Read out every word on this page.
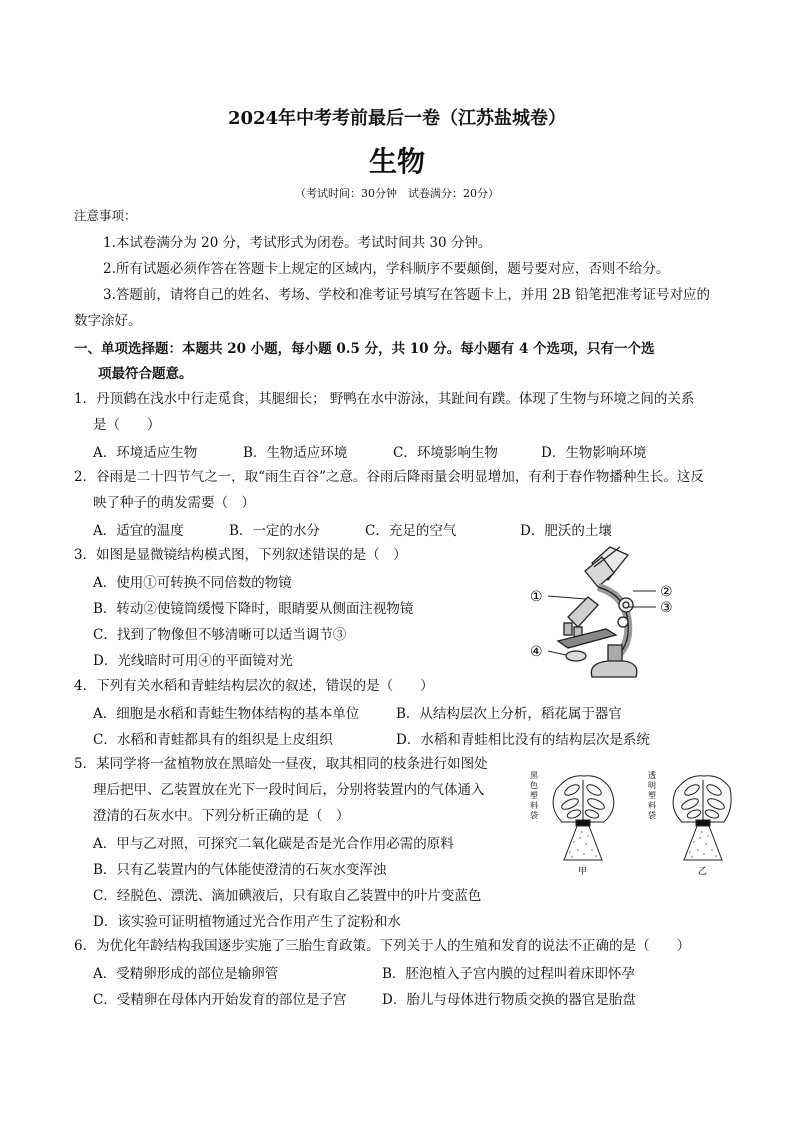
2024年中考考前最后一卷（江苏盐城卷）
生物
（考试时间：30分钟　试卷满分：20分）
注意事项：
1.本试卷满分为 20 分，考试形式为闭卷。考试时间共 30 分钟。
2.所有试题必须作答在答题卡上规定的区域内，学科顺序不要颠倒，题号要对应，否则不给分。
3.答题前，请将自己的姓名、考场、学校和准考证号填写在答题卡上，并用 2B 铅笔把准考证号对应的
数字涂好。
一、单项选择题：本题共 20 小题，每小题 0.5 分，共 10 分。每小题有 4 个选项，只有一个选
项最符合题意。
1．丹顶鹤在浅水中行走觅食，其腿细长； 野鸭在水中游泳，其趾间有蹼。体现了生物与环境之间的关系
是（　　）
A．环境适应生物	B．生物适应环境	C．环境影响生物	D．生物影响环境
2．谷雨是二十四节气之一，取“雨生百谷”之意。谷雨后降雨量会明显增加，有利于春作物播种生长。这反
映了种子的萌发需要（　）
A．适宜的温度	B．一定的水分	C．充足的空气	D．肥沃的土壤
3．如图是显微镜结构模式图，下列叙述错误的是（　）
A．使用①可转换不同倍数的物镜
B．转动②使镜筒缓慢下降时，眼睛要从侧面注视物镜
C．找到了物像但不够清晰可以适当调节③
D．光线暗时可用④的平面镜对光
①	②
③
④
4．下列有关水稻和青蛙结构层次的叙述，错误的是（　　）
A．细胞是水稻和青蛙生物体结构的基本单位	B．从结构层次上分析，稻花属于器官
C．水稻和青蛙都具有的组织是上皮组织	D．水稻和青蛙相比没有的结构层次是系统
5．某同学将一盆植物放在黑暗处一昼夜，取其相同的枝条进行如图处
理后把甲、乙装置放在光下一段时间后，分别将装置内的气体通入
澄清的石灰水中。下列分析正确的是（　）
A．甲与乙对照，可探究二氧化碳是否是光合作用必需的原料
B．只有乙装置内的气体能使澄清的石灰水变浑浊
C．经脱色、漂洗、滴加碘液后，只有取自乙装置中的叶片变蓝色
D．该实验可证明植物通过光合作用产生了淀粉和水
黑
色
塑
料
袋
透
明
塑
料
袋
甲	乙
6．为优化年龄结构我国逐步实施了三胎生育政策。下列关于人的生殖和发育的说法不正确的是（　　）
A．受精卵形成的部位是输卵管	B．胚泡植入子宫内膜的过程叫着床即怀孕
C．受精卵在母体内开始发育的部位是子宫	D．胎儿与母体进行物质交换的器官是胎盘
